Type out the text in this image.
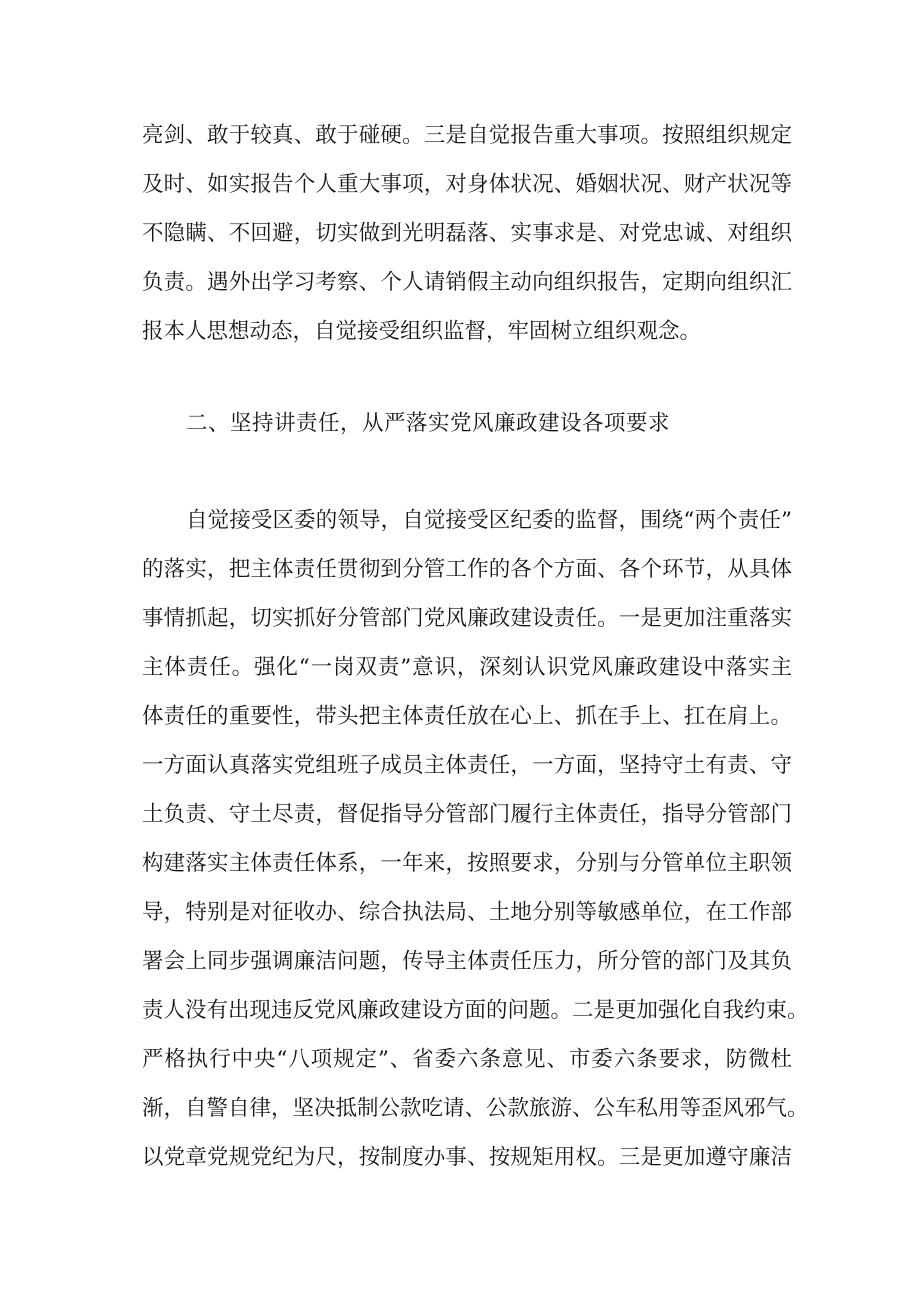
亮剑、敢于较真、敢于碰硬。三是自觉报告重大事项。按照组织规定
及时、如实报告个人重大事项，对身体状况、婚姻状况、财产状况等
不隐瞒、不回避，切实做到光明磊落、实事求是、对党忠诚、对组织
负责。遇外出学习考察、个人请销假主动向组织报告，定期向组织汇
报本人思想动态，自觉接受组织监督，牢固树立组织观念。
二、坚持讲责任，从严落实党风廉政建设各项要求
自觉接受区委的领导，自觉接受区纪委的监督，围绕“两个责任”
的落实，把主体责任贯彻到分管工作的各个方面、各个环节，从具体
事情抓起，切实抓好分管部门党风廉政建设责任。一是更加注重落实
主体责任。强化“一岗双责”意识，深刻认识党风廉政建设中落实主
体责任的重要性，带头把主体责任放在心上、抓在手上、扛在肩上。
一方面认真落实党组班子成员主体责任，一方面，坚持守土有责、守
土负责、守土尽责，督促指导分管部门履行主体责任，指导分管部门
构建落实主体责任体系，一年来，按照要求，分别与分管单位主职领
导，特别是对征收办、综合执法局、土地分别等敏感单位，在工作部
署会上同步强调廉洁问题，传导主体责任压力，所分管的部门及其负
责人没有出现违反党风廉政建设方面的问题。二是更加强化自我约束。
严格执行中央“八项规定”、省委六条意见、市委六条要求，防微杜
渐，自警自律，坚决抵制公款吃请、公款旅游、公车私用等歪风邪气。
以党章党规党纪为尺，按制度办事、按规矩用权。三是更加遵守廉洁
